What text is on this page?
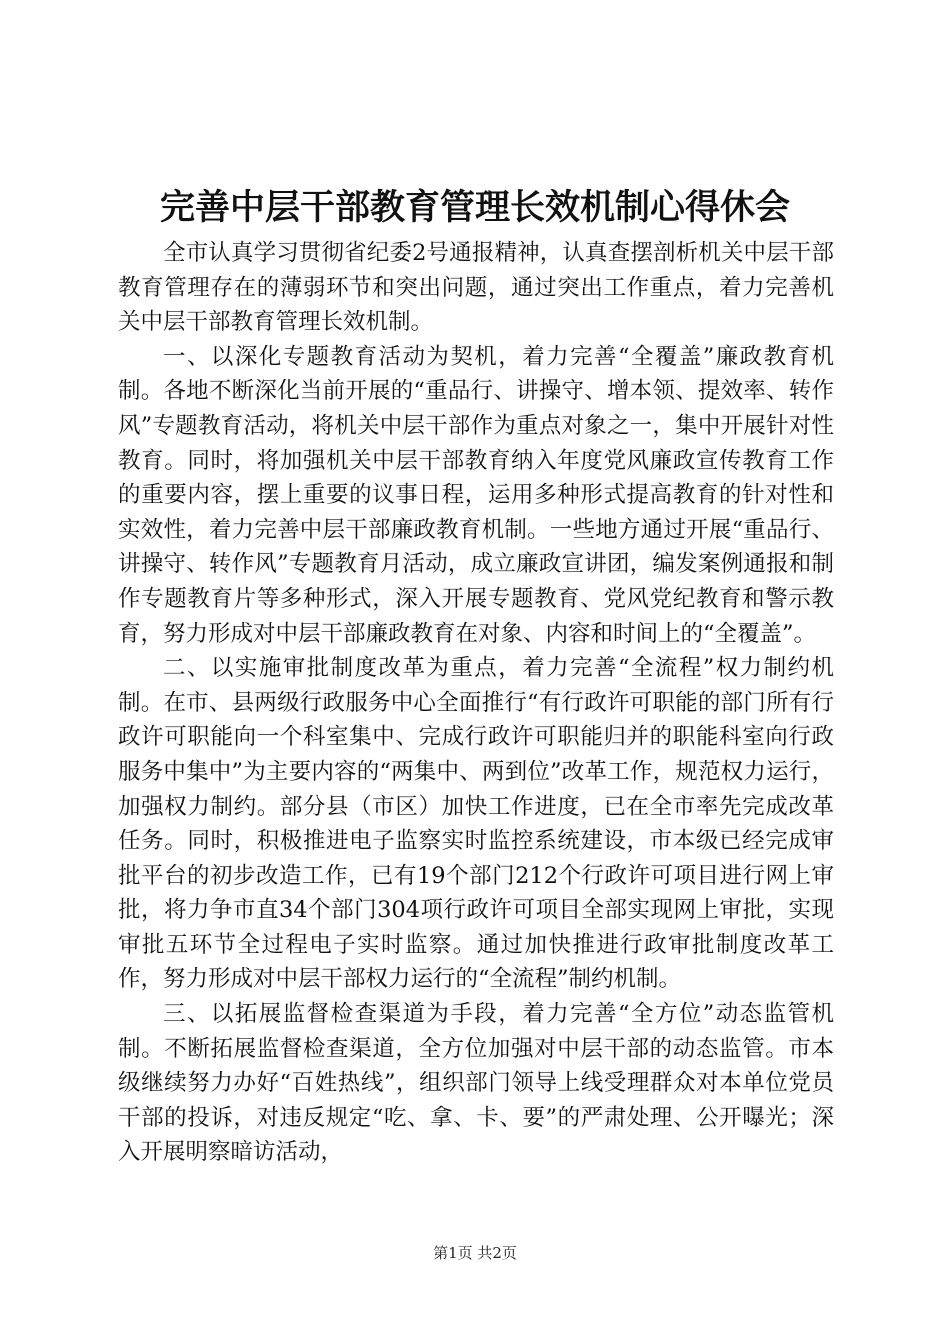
完善中层干部教育管理长效机制心得休会

全市认真学习贯彻省纪委2号通报精神，认真查摆剖析机关中层干部教育管理存在的薄弱环节和突出问题，通过突出工作重点，着力完善机关中层干部教育管理长效机制。

一、以深化专题教育活动为契机，着力完善“全覆盖”廉政教育机制。各地不断深化当前开展的“重品行、讲操守、增本领、提效率、转作风”专题教育活动，将机关中层干部作为重点对象之一，集中开展针对性教育。同时，将加强机关中层干部教育纳入年度党风廉政宣传教育工作的重要内容，摆上重要的议事日程，运用多种形式提高教育的针对性和实效性，着力完善中层干部廉政教育机制。一些地方通过开展“重品行、讲操守、转作风”专题教育月活动，成立廉政宣讲团，编发案例通报和制作专题教育片等多种形式，深入开展专题教育、党风党纪教育和警示教育，努力形成对中层干部廉政教育在对象、内容和时间上的“全覆盖”。

二、以实施审批制度改革为重点，着力完善“全流程”权力制约机制。在市、县两级行政服务中心全面推行“有行政许可职能的部门所有行政许可职能向一个科室集中、完成行政许可职能归并的职能科室向行政服务中集中”为主要内容的“两集中、两到位”改革工作，规范权力运行，加强权力制约。部分县（市区）加快工作进度，已在全市率先完成改革任务。同时，积极推进电子监察实时监控系统建设，市本级已经完成审批平台的初步改造工作，已有19个部门212个行政许可项目进行网上审批，将力争市直34个部门304项行政许可项目全部实现网上审批，实现审批五环节全过程电子实时监察。通过加快推进行政审批制度改革工作，努力形成对中层干部权力运行的“全流程”制约机制。

三、以拓展监督检查渠道为手段，着力完善“全方位”动态监管机制。不断拓展监督检查渠道，全方位加强对中层干部的动态监管。市本级继续努力办好“百姓热线”，组织部门领导上线受理群众对本单位党员干部的投诉，对违反规定“吃、拿、卡、要”的严肃处理、公开曝光；深入开展明察暗访活动，

第1页 共2页
